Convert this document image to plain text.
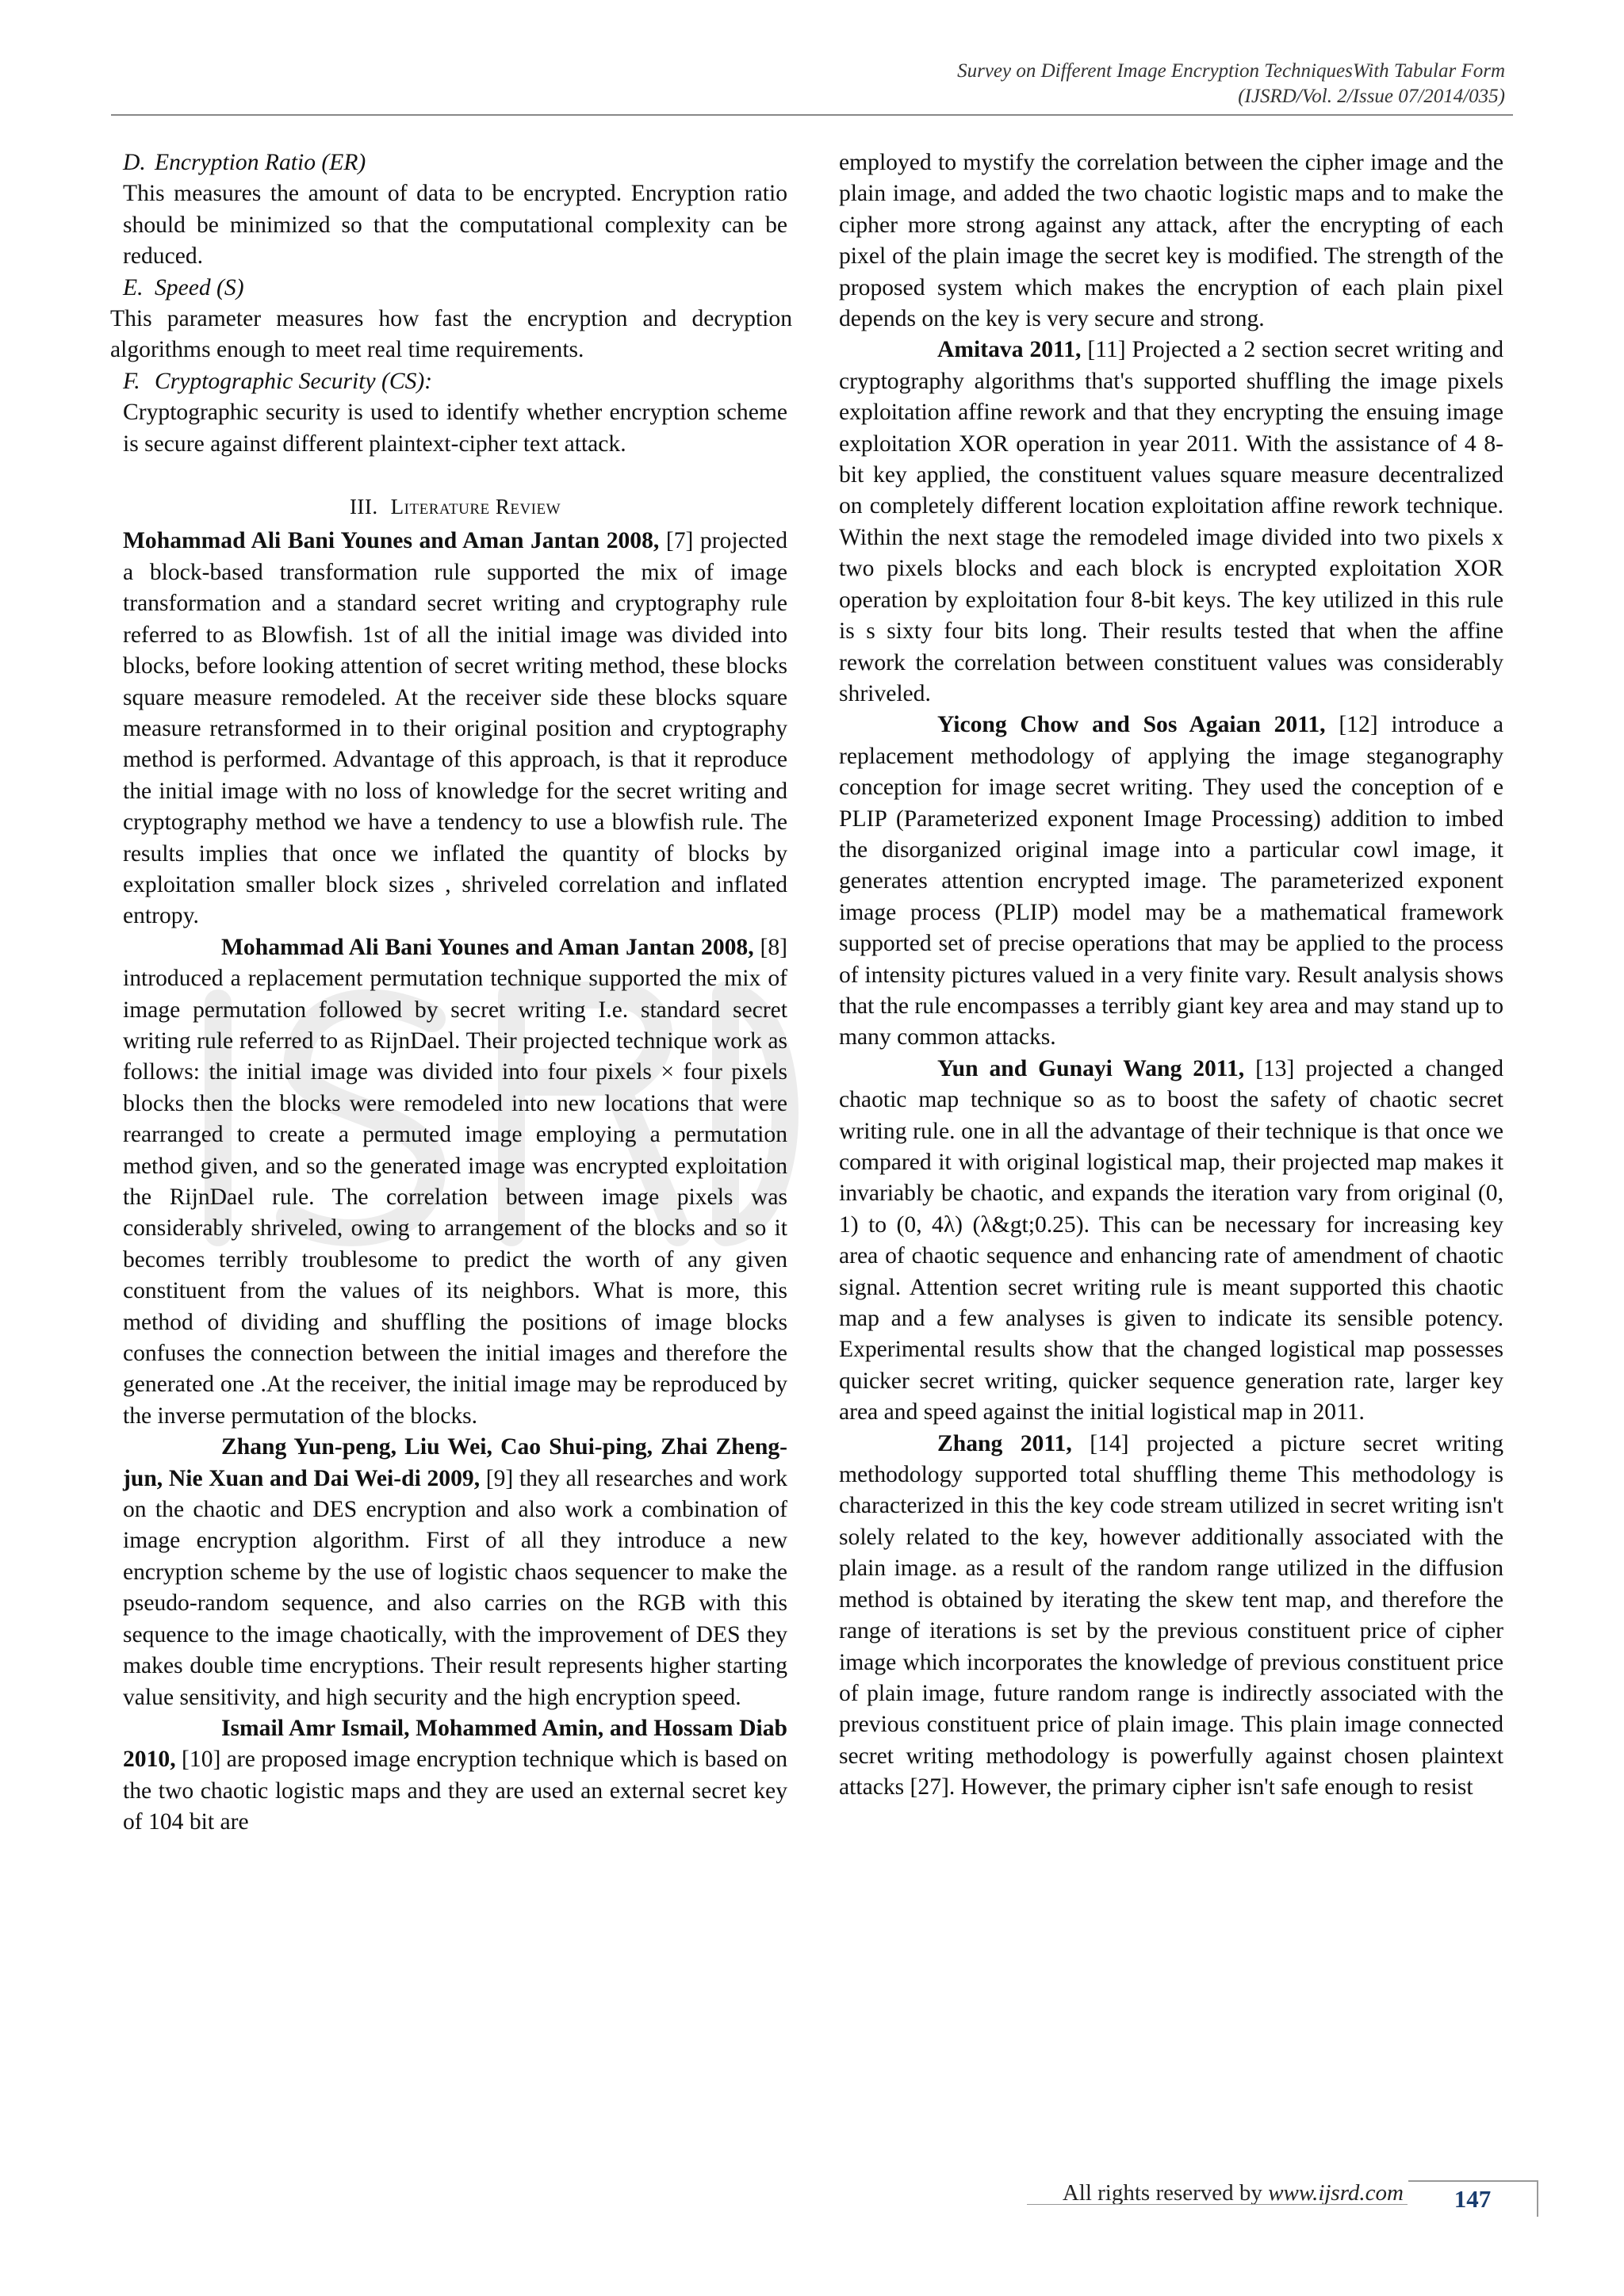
Survey on Different Image Encryption TechniquesWith Tabular Form
(IJSRD/Vol. 2/Issue 07/2014/035)

D. Encryption Ratio (ER)

This measures the amount of data to be encrypted. Encryption ratio should be minimized so that the computational complexity can be reduced.

E. Speed (S)

This parameter measures how fast the encryption and decryption algorithms enough to meet real time requirements.

F. Cryptographic Security (CS):

Cryptographic security is used to identify whether encryption scheme is secure against different plaintext-cipher text attack.

III. Literature Review

Mohammad Ali Bani Younes and Aman Jantan 2008, [7] projected a block-based transformation rule supported the mix of image transformation and a standard secret writing and cryptography rule referred to as Blowfish. 1st of all the initial image was divided into blocks, before looking attention of secret writing method, these blocks square measure remodeled. At the receiver side these blocks square measure retransformed in to their original position and cryptography method is performed. Advantage of this approach, is that it reproduce the initial image with no loss of knowledge for the secret writing and cryptography method we have a tendency to use a blowfish rule. The results implies that once we inflated the quantity of blocks by exploitation smaller block sizes , shriveled correlation and inflated entropy.

Mohammad Ali Bani Younes and Aman Jantan 2008, [8] introduced a replacement permutation technique supported the mix of image permutation followed by secret writing I.e. standard secret writing rule referred to as RijnDael. Their projected technique work as follows: the initial image was divided into four pixels × four pixels blocks then the blocks were remodeled into new locations that were rearranged to create a permuted image employing a permutation method given, and so the generated image was encrypted exploitation the RijnDael rule. The correlation between image pixels was considerably shriveled, owing to arrangement of the blocks and so it becomes terribly troublesome to predict the worth of any given constituent from the values of its neighbors. What is more, this method of dividing and shuffling the positions of image blocks confuses the connection between the initial images and therefore the generated one .At the receiver, the initial image may be reproduced by the inverse permutation of the blocks.

Zhang Yun-peng, Liu Wei, Cao Shui-ping, Zhai Zheng-jun, Nie Xuan and Dai Wei-di 2009, [9] they all researches and work on the chaotic and DES encryption and also work a combination of image encryption algorithm. First of all they introduce a new encryption scheme by the use of logistic chaos sequencer to make the pseudo-random sequence, and also carries on the RGB with this sequence to the image chaotically, with the improvement of DES they makes double time encryptions. Their result represents higher starting value sensitivity, and high security and the high encryption speed.

Ismail Amr Ismail, Mohammed Amin, and Hossam Diab 2010, [10] are proposed image encryption technique which is based on the two chaotic logistic maps and they are used an external secret key of 104 bit are

employed to mystify the correlation between the cipher image and the plain image, and added the two chaotic logistic maps and to make the cipher more strong against any attack, after the encrypting of each pixel of the plain image the secret key is modified. The strength of the proposed system which makes the encryption of each plain pixel depends on the key is very secure and strong.

Amitava 2011, [11] Projected a 2 section secret writing and cryptography algorithms that's supported shuffling the image pixels exploitation affine rework and that they encrypting the ensuing image exploitation XOR operation in year 2011. With the assistance of 4 8-bit key applied, the constituent values square measure decentralized on completely different location exploitation affine rework technique. Within the next stage the remodeled image divided into two pixels x two pixels blocks and each block is encrypted exploitation XOR operation by exploitation four 8-bit keys. The key utilized in this rule is s sixty four bits long. Their results tested that when the affine rework the correlation between constituent values was considerably shriveled.

Yicong Chow and Sos Agaian 2011, [12] introduce a replacement methodology of applying the image steganography conception for image secret writing. They used the conception of e PLIP (Parameterized exponent Image Processing) addition to imbed the disorganized original image into a particular cowl image, it generates attention encrypted image. The parameterized exponent image process (PLIP) model may be a mathematical framework supported set of precise operations that may be applied to the process of intensity pictures valued in a very finite vary. Result analysis shows that the rule encompasses a terribly giant key area and may stand up to many common attacks.

Yun and Gunayi Wang 2011, [13] projected a changed chaotic map technique so as to boost the safety of chaotic secret writing rule. one in all the advantage of their technique is that once we compared it with original logistical map, their projected map makes it invariably be chaotic, and expands the iteration vary from original (0, 1) to (0, 4λ) (λ&gt;0.25). This can be necessary for increasing key area of chaotic sequence and enhancing rate of amendment of chaotic signal. Attention secret writing rule is meant supported this chaotic map and a few analyses is given to indicate its sensible potency. Experimental results show that the changed logistical map possesses quicker secret writing, quicker sequence generation rate, larger key area and speed against the initial logistical map in 2011.

Zhang 2011, [14] projected a picture secret writing methodology supported total shuffling theme This methodology is characterized in this the key code stream utilized in secret writing isn't solely related to the key, however additionally associated with the plain image. as a result of the random range utilized in the diffusion method is obtained by iterating the skew tent map, and therefore the range of iterations is set by the previous constituent price of cipher image which incorporates the knowledge of previous constituent price of plain image, future random range is indirectly associated with the previous constituent price of plain image. This plain image connected secret writing methodology is powerfully against chosen plaintext attacks [27]. However, the primary cipher isn't safe enough to resist

All rights reserved by www.ijsrd.com	147
